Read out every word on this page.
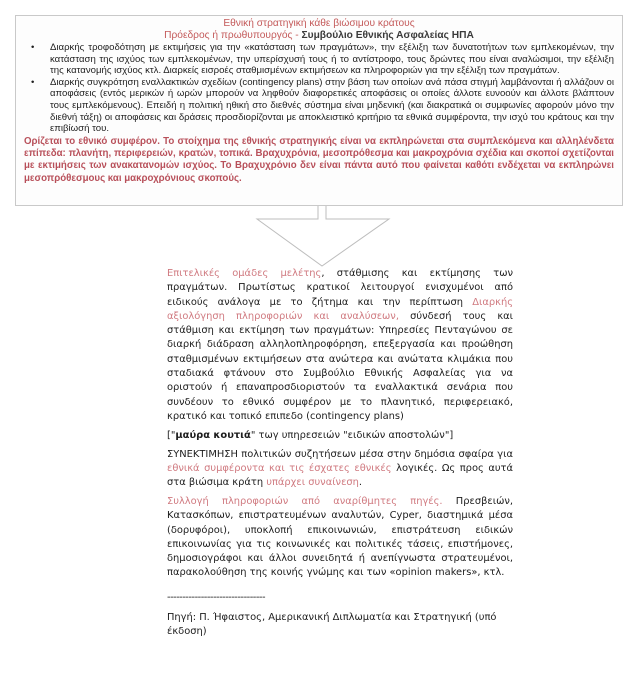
Εθνική στρατηγική κάθε βιώσιμου κράτους
Πρόεδρος ή πρωθυπουργός - Συμβούλιο Εθνικής Ασφαλείας ΗΠΑ
• Διαρκής τροφοδότηση με εκτιμήσεις για την «κατάσταση των πραγμάτων», την εξέλιξη των δυνατοτήτων των εμπλεκομένων, την κατάσταση της ισχύος των εμπλεκομένων, την υπερίσχυσή τους ή το αντίστροφο, τους δρώντες που είναι αναλώσιμοι, την εξέλιξη της κατανομής ισχύος κτλ. Διαρκείς εισροές σταθμισμένων εκτιμήσεων κα πληροφοριών για την εξέλιξη των πραγμάτων.
• Διαρκής συγκρότηση εναλλακτικών σχεδίων (contingency plans) στην βάση των οποίων ανά πάσα στιγμή λαμβάνονται ή αλλάζουν οι αποφάσεις (εντός μερικών ή ωρών μπορούν να ληφθούν διαφορετικές αποφάσεις οι οποίες άλλοτε ευνοούν και άλλοτε βλάπτουν τους εμπλεκόμενους). Επειδή η πολιτική ηθική στο διεθνές σύστημα είναι μηδενική (και διακρατικά οι συμφωνίες αφορούν μόνο την διεθνή τάξη) οι αποφάσεις και δράσεις προσδιορίζονται με αποκλειστικό κριτήριο τα εθνικά συμφέροντα, την ισχύ του κράτους και την επιβίωσή του.
Ορίζεται το εθνικό συμφέρον. Το στοίχημα της εθνικής στρατηγικής είναι να εκπληρώνεται στα συμπλεκόμενα και αλληλένδετα επίπεδα: πλανήτη, περιφερειών, κρατών, τοπικά. Βραχυχρόνια, μεσοπρόθεσμα και μακροχρόνια σχέδια και σκοποί σχετίζονται με εκτιμήσεις των ανακατανομών ισχύος. Το Βραχυχρόνιο δεν είναι πάντα αυτό που φαίνεται καθότι ενδέχεται να εκπληρώνει μεσοπρόθεσμους και μακροχρόνιους σκοπούς.

Επιτελικές ομάδες μελέτης, στάθμισης και εκτίμησης των πραγμάτων. Πρωτίστως κρατικοί λειτουργοί ενισχυμένοι από ειδικούς ανάλογα με το ζήτημα και την περίπτωση Διαρκής αξιολόγηση πληροφοριών και αναλύσεων, σύνδεσή τους και στάθμιση και εκτίμηση των πραγμάτων: Υπηρεσίες Πενταγώνου σε διαρκή διάδραση αλληλοπληροφόρηση, επεξεργασία και προώθηση σταθμισμένων εκτιμήσεων στα ανώτερα και ανώτατα κλιμάκια που σταδιακά φτάνουν στο Συμβούλιο Εθνικής Ασφαλείας για να οριστούν ή επαναπροσδιοριστούν τα εναλλακτικά σενάρια που συνδέουν το εθνικό συμφέρον με το πλανητικό, περιφερειακό, κρατικό και τοπικό επιπεδο (contingency plans)

["μαύρα κουτιά" τωγ υπηρεσειών "ειδικών αποστολών"]

ΣΥΝΕΚΤΙΜΗΣΗ πολιτικών συζητήσεων μέσα στην δημόσια σφαίρα για εθνικά συμφέροντα και τις έσχατες εθνικές λογικές. Ως προς αυτά στα βιώσιμα κράτη υπάρχει συναίνεση.

Συλλογή πληροφοριών από αναρίθμητες πηγές. Πρεσβειών, Κατασκόπων, επιστρατευμένων αναλυτών, Cyper, διαστημικά μέσα (δορυφόροι), υποκλοπή επικοινωνιών, επιστράτευση ειδικών επικοινωνίας για τις κοινωνικές και πολιτικές τάσεις, επιστήμονες, δημοσιογράφοι και άλλοι συνειδητά ή ανεπίγνωστα στρατευμένοι, παρακολούθηση της κοινής γνώμης και των «opinion makers», κτλ.

--------------------------------

Πηγή: Π. Ήφαιστος, Αμερικανική Διπλωματία και Στρατηγική (υπό έκδοση)
